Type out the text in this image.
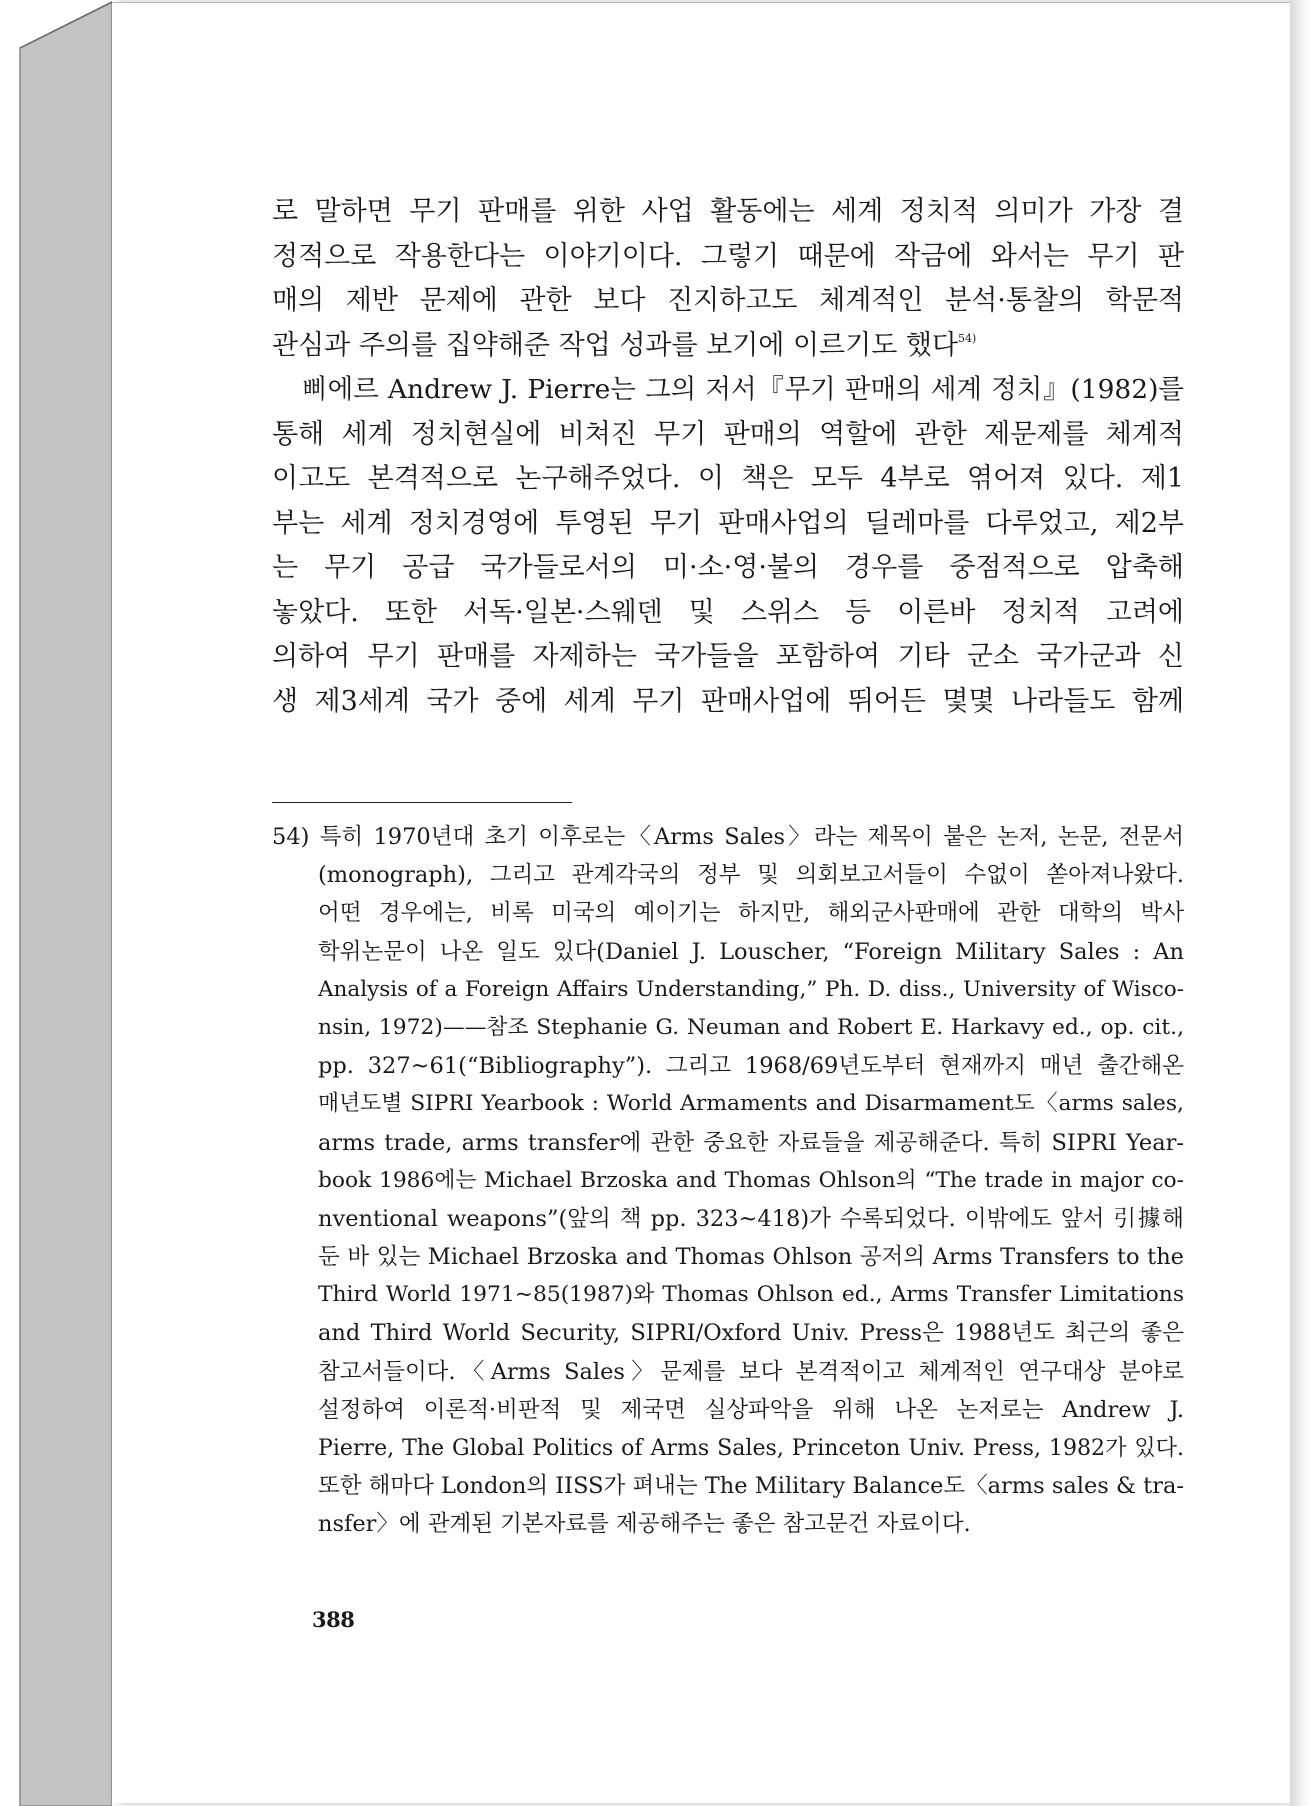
로 말하면 무기 판매를 위한 사업 활동에는 세계 정치적 의미가 가장 결
정적으로 작용한다는 이야기이다. 그렇기 때문에 작금에 와서는 무기 판
매의 제반 문제에 관한 보다 진지하고도 체계적인 분석·통찰의 학문적
관심과 주의를 집약해준 작업 성과를 보기에 이르기도 했다$^{54)}$
삐에르 Andrew J. Pierre는 그의 저서『무기 판매의 세계 정치』(1982)를
통해 세계 정치현실에 비쳐진 무기 판매의 역할에 관한 제문제를 체계적
이고도 본격적으로 논구해주었다. 이 책은 모두 4부로 엮어져 있다. 제1
부는 세계 정치경영에 투영된 무기 판매사업의 딜레마를 다루었고, 제2부
는 무기 공급 국가들로서의 미·소·영·불의 경우를 중점적으로 압축해
놓았다. 또한 서독·일본·스웨덴 및 스위스 등 이른바 정치적 고려에
의하여 무기 판매를 자제하는 국가들을 포함하여 기타 군소 국가군과 신
생 제3세계 국가 중에 세계 무기 판매사업에 뛰어든 몇몇 나라들도 함께
54) 특히 1970년대 초기 이후로는〈Arms Sales〉라는 제목이 붙은 논저, 논문, 전문서
(monograph), 그리고 관계각국의 정부 및 의회보고서들이 수없이 쏟아져나왔다.
어떤 경우에는, 비록 미국의 예이기는 하지만, 해외군사판매에 관한 대학의 박사
학위논문이 나온 일도 있다(Daniel J. Louscher, “Foreign Military Sales : An
Analysis of a Foreign Affairs Understanding,” Ph. D. diss., University of Wisco-
nsin, 1972)——참조 Stephanie G. Neuman and Robert E. Harkavy ed., op. cit.,
pp. 327~61(“Bibliography”). 그리고 1968/69년도부터 현재까지 매년 출간해온
매년도별 SIPRI Yearbook : World Armaments and Disarmament도〈arms sales,
arms trade, arms transfer에 관한 중요한 자료들을 제공해준다. 특히 SIPRI Year-
book 1986에는 Michael Brzoska and Thomas Ohlson의 “The trade in major co-
nventional weapons”(앞의 책 pp. 323~418)가 수록되었다. 이밖에도 앞서 引據해
둔 바 있는 Michael Brzoska and Thomas Ohlson 공저의 Arms Transfers to the
Third World 1971~85(1987)와 Thomas Ohlson ed., Arms Transfer Limitations
and Third World Security, SIPRI/Oxford Univ. Press은 1988년도 최근의 좋은
참고서들이다.〈Arms Sales〉문제를 보다 본격적이고 체계적인 연구대상 분야로
설정하여 이론적·비판적 및 제국면 실상파악을 위해 나온 논저로는 Andrew J.
Pierre, The Global Politics of Arms Sales, Princeton Univ. Press, 1982가 있다.
또한 해마다 London의 IISS가 펴내는 The Military Balance도〈arms sales & tra-
nsfer〉에 관계된 기본자료를 제공해주는 좋은 참고문건 자료이다.
388
